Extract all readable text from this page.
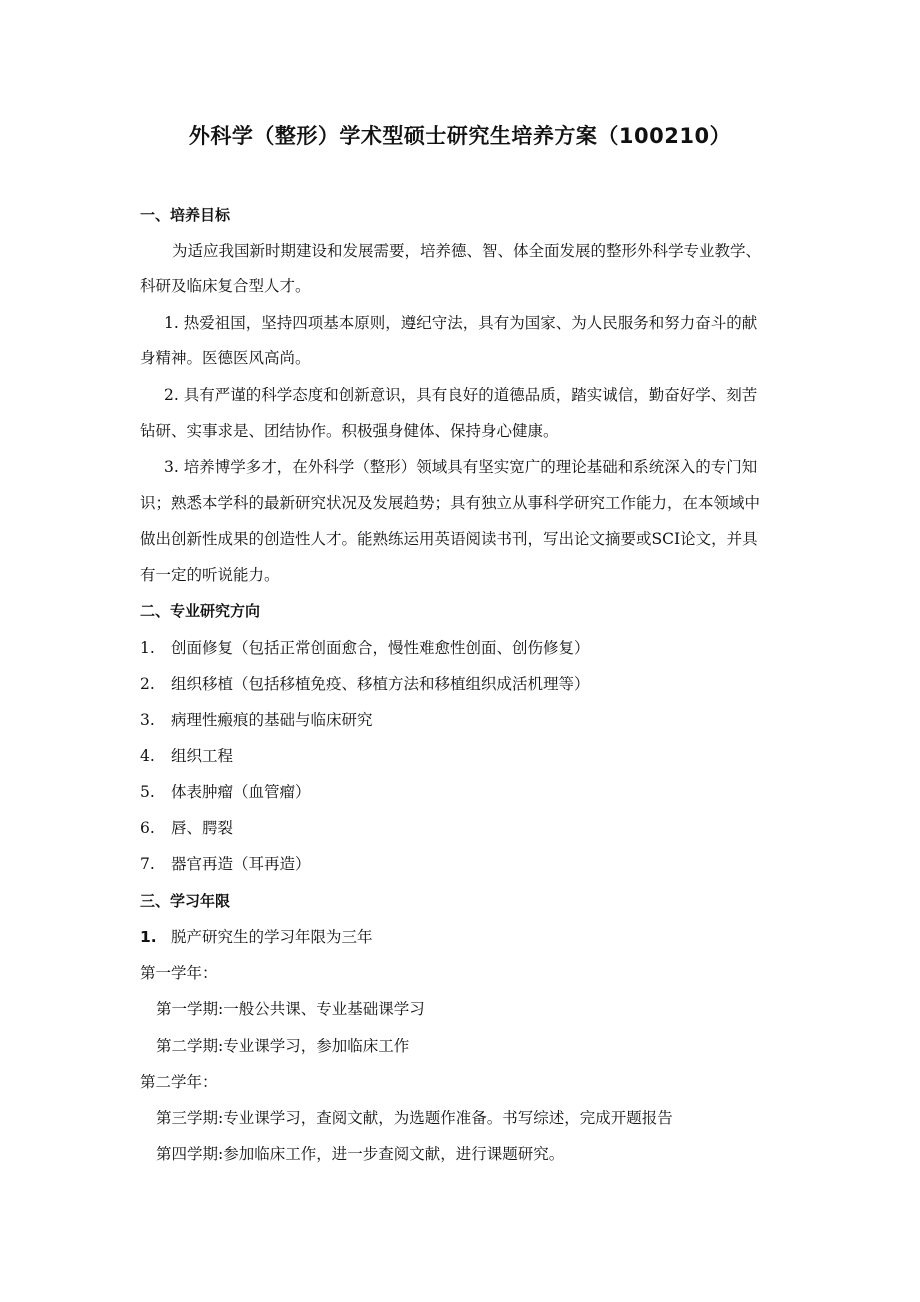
外科学（整形）学术型硕士研究生培养方案（100210）
一、培养目标
为适应我国新时期建设和发展需要，培养德、智、体全面发展的整形外科学专业教学、
科研及临床复合型人才。
1. 热爱祖国，坚持四项基本原则，遵纪守法，具有为国家、为人民服务和努力奋斗的献
身精神。医德医风高尚。
2. 具有严谨的科学态度和创新意识，具有良好的道德品质，踏实诚信，勤奋好学、刻苦
钻研、实事求是、团结协作。积极强身健体、保持身心健康。
3. 培养博学多才，在外科学（整形）领域具有坚实宽广的理论基础和系统深入的专门知
识；熟悉本学科的最新研究状况及发展趋势；具有独立从事科学研究工作能力，在本领域中
做出创新性成果的创造性人才。能熟练运用英语阅读书刊，写出论文摘要或SCI论文，并具
有一定的听说能力。
二、专业研究方向
1. 创面修复（包括正常创面愈合，慢性难愈性创面、创伤修复）
2. 组织移植（包括移植免疫、移植方法和移植组织成活机理等）
3. 病理性瘢痕的基础与临床研究
4. 组织工程
5. 体表肿瘤（血管瘤）
6. 唇、腭裂
7. 器官再造（耳再造）
三、学习年限
1. 脱产研究生的学习年限为三年
第一学年：
第一学期:一般公共课、专业基础课学习
第二学期:专业课学习，参加临床工作
第二学年：
第三学期:专业课学习，查阅文献，为选题作准备。书写综述，完成开题报告
第四学期:参加临床工作，进一步查阅文献，进行课题研究。
